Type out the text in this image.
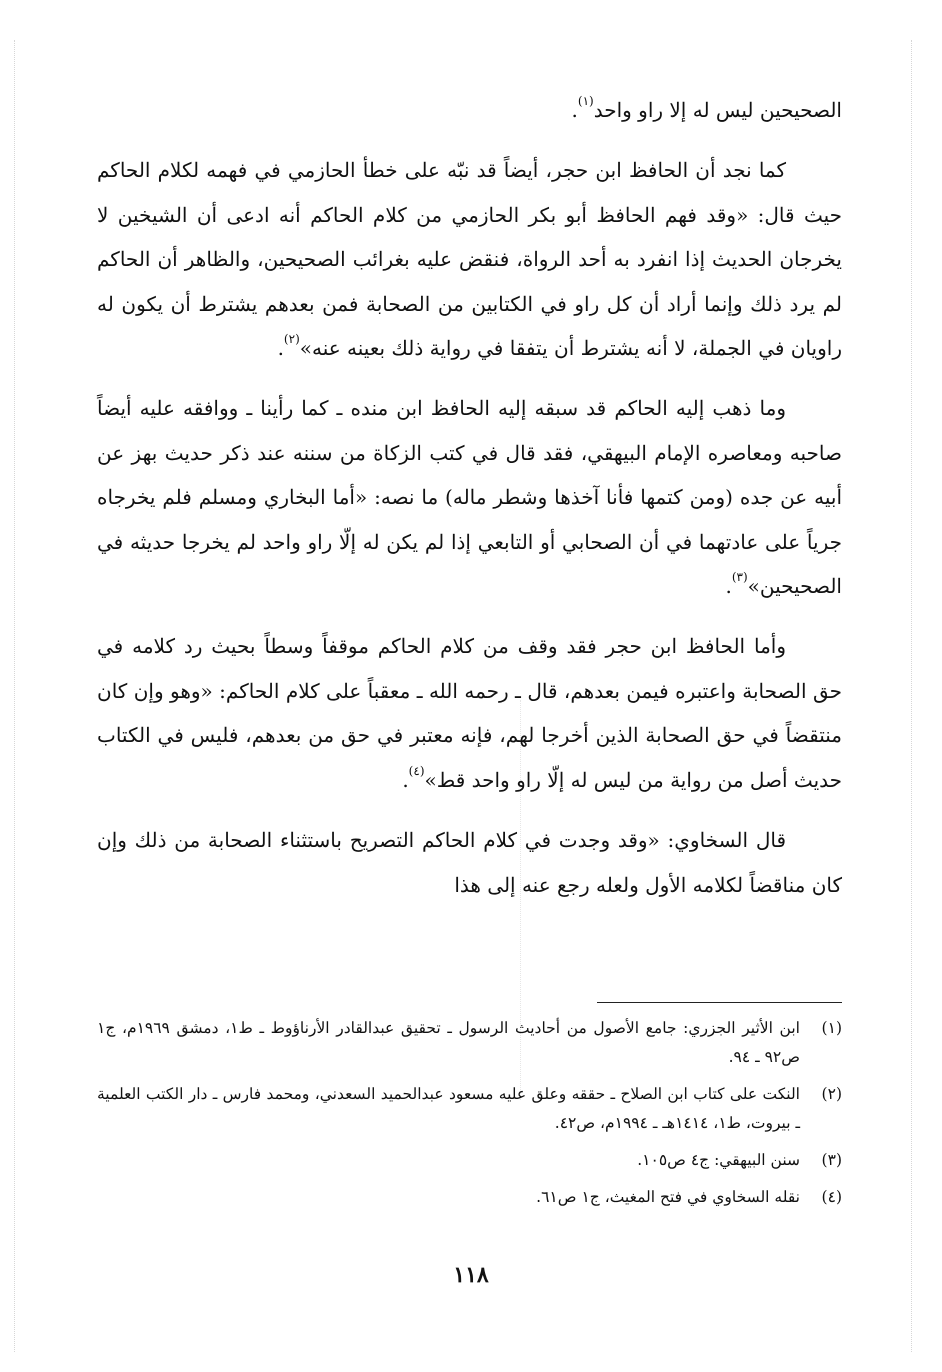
الصحيحين ليس له إلا راو واحد$^{(١)}$.

كما نجد أن الحافظ ابن حجر، أيضاً قد نبّه على خطأ الحازمي في فهمه لكلام الحاكم حيث قال: «وقد فهم الحافظ أبو بكر الحازمي من كلام الحاكم أنه ادعى أن الشيخين لا يخرجان الحديث إذا انفرد به أحد الرواة، فنقض عليه بغرائب الصحيحين، والظاهر أن الحاكم لم يرد ذلك وإنما أراد أن كل راو في الكتابين من الصحابة فمن بعدهم يشترط أن يكون له راويان في الجملة، لا أنه يشترط أن يتفقا في رواية ذلك بعينه عنه»$^{(٢)}$.

وما ذهب إليه الحاكم قد سبقه إليه الحافظ ابن منده ـ كما رأينا ـ ووافقه عليه أيضاً صاحبه ومعاصره الإمام البيهقي، فقد قال في كتب الزكاة من سننه عند ذكر حديث بهز عن أبيه عن جده (ومن كتمها فأنا آخذها وشطر ماله) ما نصه: «أما البخاري ومسلم فلم يخرجاه جرياً على عادتهما في أن الصحابي أو التابعي إذا لم يكن له إلّا راو واحد لم يخرجا حديثه في الصحيحين»$^{(٣)}$.

وأما الحافظ ابن حجر فقد وقف من كلام الحاكم موقفاً وسطاً بحيث رد كلامه في حق الصحابة واعتبره فيمن بعدهم، قال ـ رحمه الله ـ معقباً على كلام الحاكم: «وهو وإن كان منتقضاً في حق الصحابة الذين أخرجا لهم، فإنه معتبر في حق من بعدهم، فليس في الكتاب حديث أصل من رواية من ليس له إلّا راو واحد قط»$^{(٤)}$.

قال السخاوي: «وقد وجدت في كلام الحاكم التصريح باستثناء الصحابة من ذلك وإن كان مناقضاً لكلامه الأول ولعله رجع عنه إلى هذا

(١)
ابن الأثير الجزري: جامع الأصول من أحاديث الرسول ـ تحقيق عبدالقادر الأرناؤوط ـ ط١، دمشق ١٩٦٩م، ج١ ص٩٢ ـ ٩٤.
(٢)
النكت على كتاب ابن الصلاح ـ حققه وعلق عليه مسعود عبدالحميد السعدني، ومحمد فارس ـ دار الكتب العلمية ـ بيروت، ط١، ١٤١٤هـ ـ ١٩٩٤م، ص٤٢.
(٣)
سنن البيهقي: ج٤ ص١٠٥.
(٤)
نقله السخاوي في فتح المغيث، ج١ ص٦١.
١١٨
